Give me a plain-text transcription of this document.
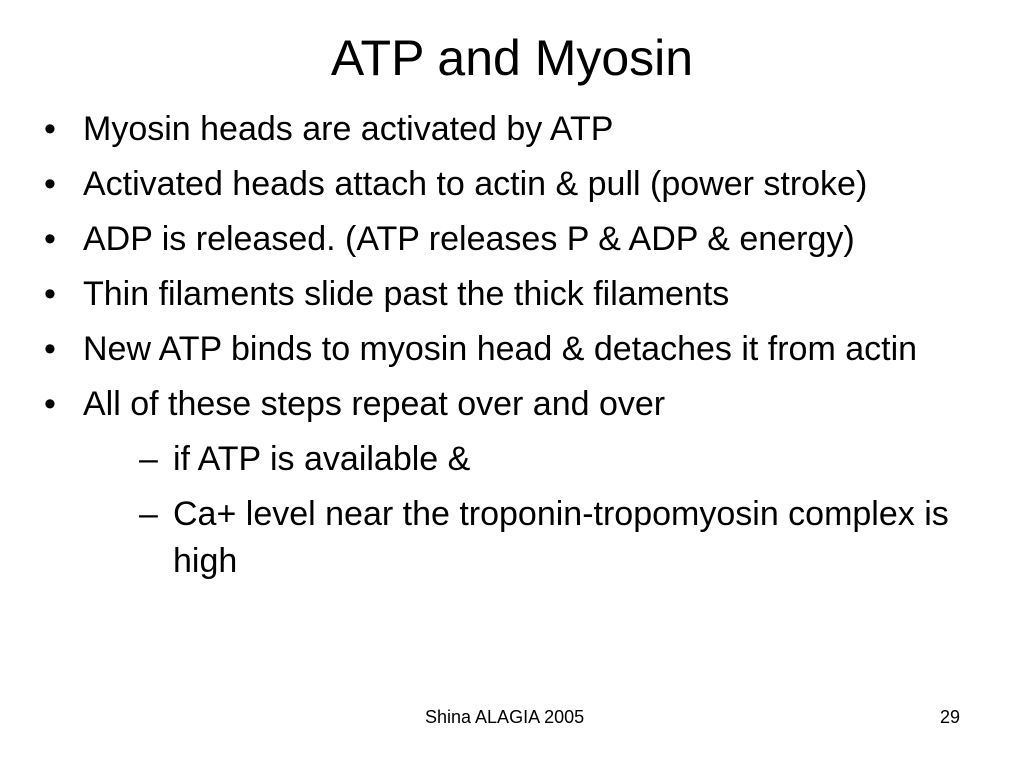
ATP and Myosin
• Myosin heads are activated by ATP
• Activated heads attach to actin & pull (power stroke)
• ADP is released. (ATP releases P & ADP & energy)
• Thin filaments slide past the thick filaments
• New ATP binds to myosin head & detaches it from actin
• All of these steps repeat over and over
– if ATP is available &
– Ca+ level near the troponin-tropomyosin complex is high
Shina ALAGIA 2005	29
